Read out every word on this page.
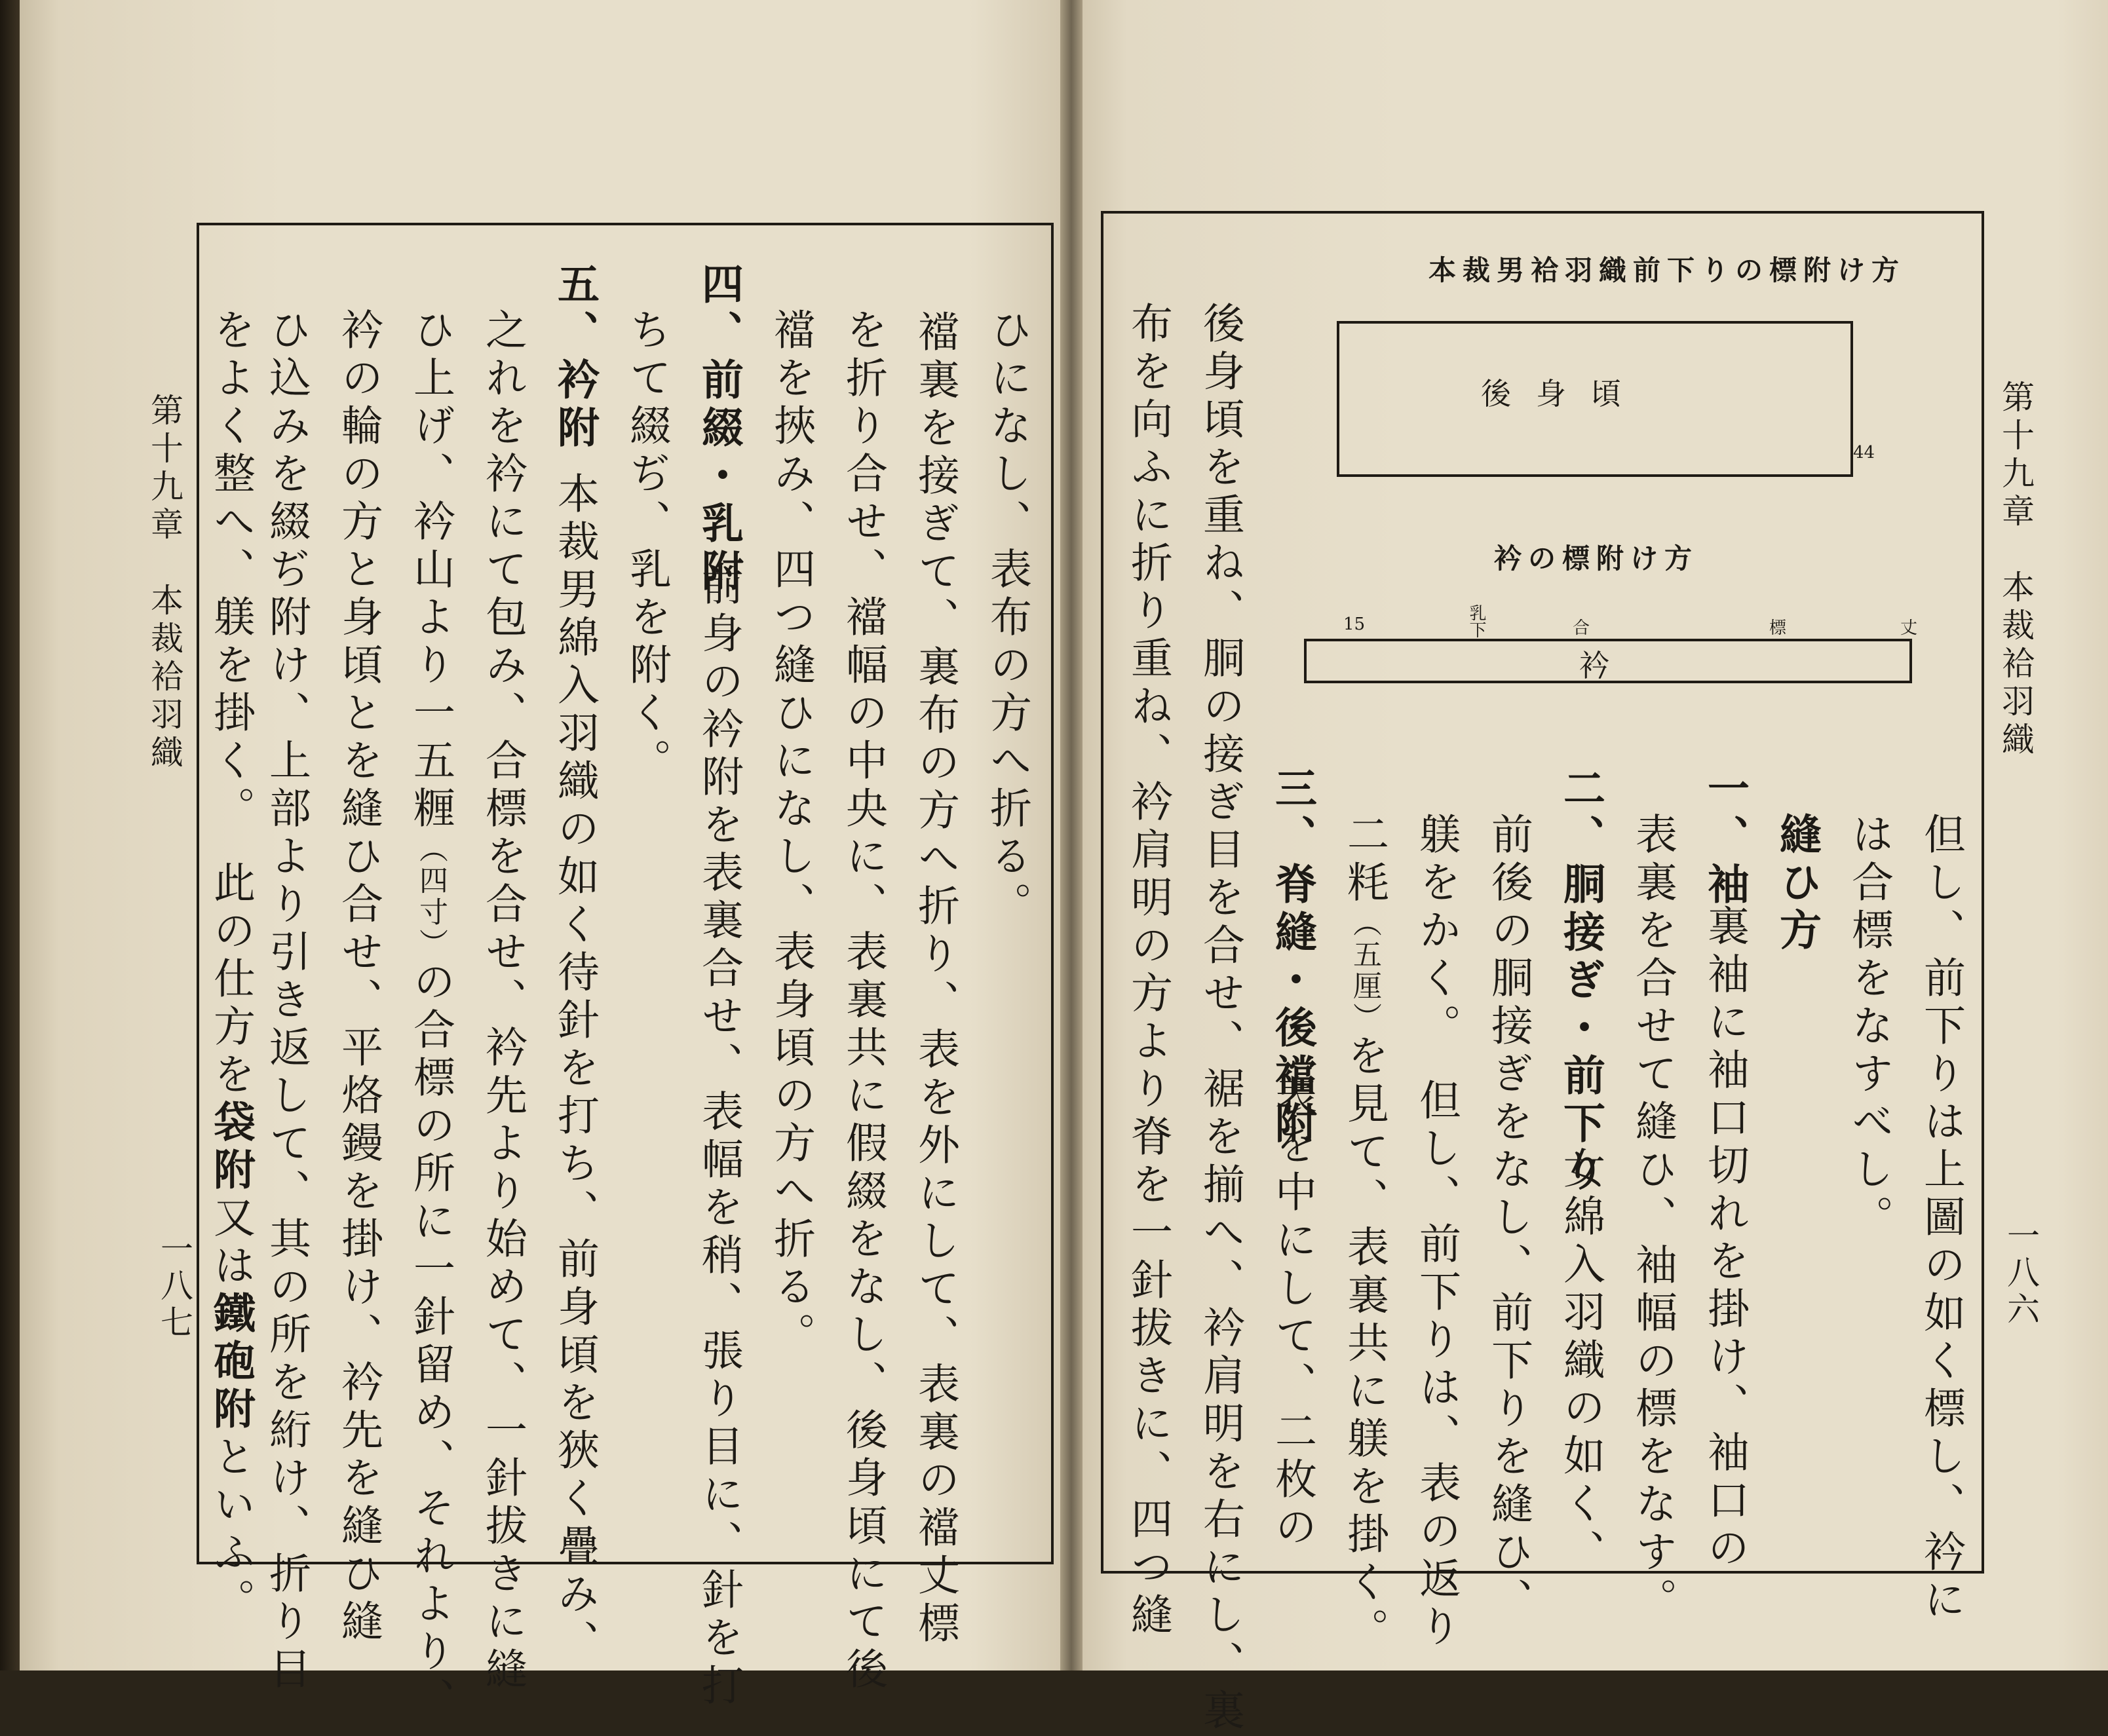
第十九章　本裁袷羽織
一八七
ひになし、表布の方へ折る。
　襠裏を接ぎて、裏布の方へ折り、表を外にして、表裏の襠丈標
を折り合せ、襠幅の中央に、表裏共に假綴をなし、後身頃にて後
襠を挾み、四つ縫ひになし、表身頃の方へ折る。
四、前綴・乳附
前身の衿附を表裏合せ、表幅を稍、張り目に、針を打
ちて綴ぢ、乳を附く。
五、衿附
本裁男綿入羽織の如く待針を打ち、前身頃を狹く疊み、
之れを衿にて包み、合標を合せ、衿先より始めて、一針拔きに縫
ひ上げ、衿山より一五糎（四寸）の合標の所に一針留め、それより、
衿の輪の方と身頃とを縫ひ合せ、平烙鏝を掛け、衿先を縫ひ縫
ひ込みを綴ぢ附け、上部より引き返して、其の所を絎け、折り目
をよく整へ、躾を掛く。　此の仕方を袋附又は鐵砲附といふ。
第十九章　本裁袷羽織
一八六
本裁男袷羽織前下りの標附け方
後身頃
44
衿の標附け方
15	乳下	合	標	丈
衿
但し、前下りは上圖の如く標し、衿に
は合標をなすべし。
縫ひ方
一、袖
裏袖に袖口切れを掛け、袖口の
表裏を合せて縫ひ、袖幅の標をなす。
二、胴接ぎ・前下り
女綿入羽織の如く、
前後の胴接ぎをなし、前下りを縫ひ、
躾をかく。　但し、前下りは、表の返り
二粍（五厘）を見て、表裏共に躾を掛く。
三、脊縫・後襠附
表を中にして、二枚の
後身頃を重ね、胴の接ぎ目を合せ、裾を揃へ、衿肩明を右にし、裏
布を向ふに折り重ね、衿肩明の方より脊を一針拔きに、四つ縫
